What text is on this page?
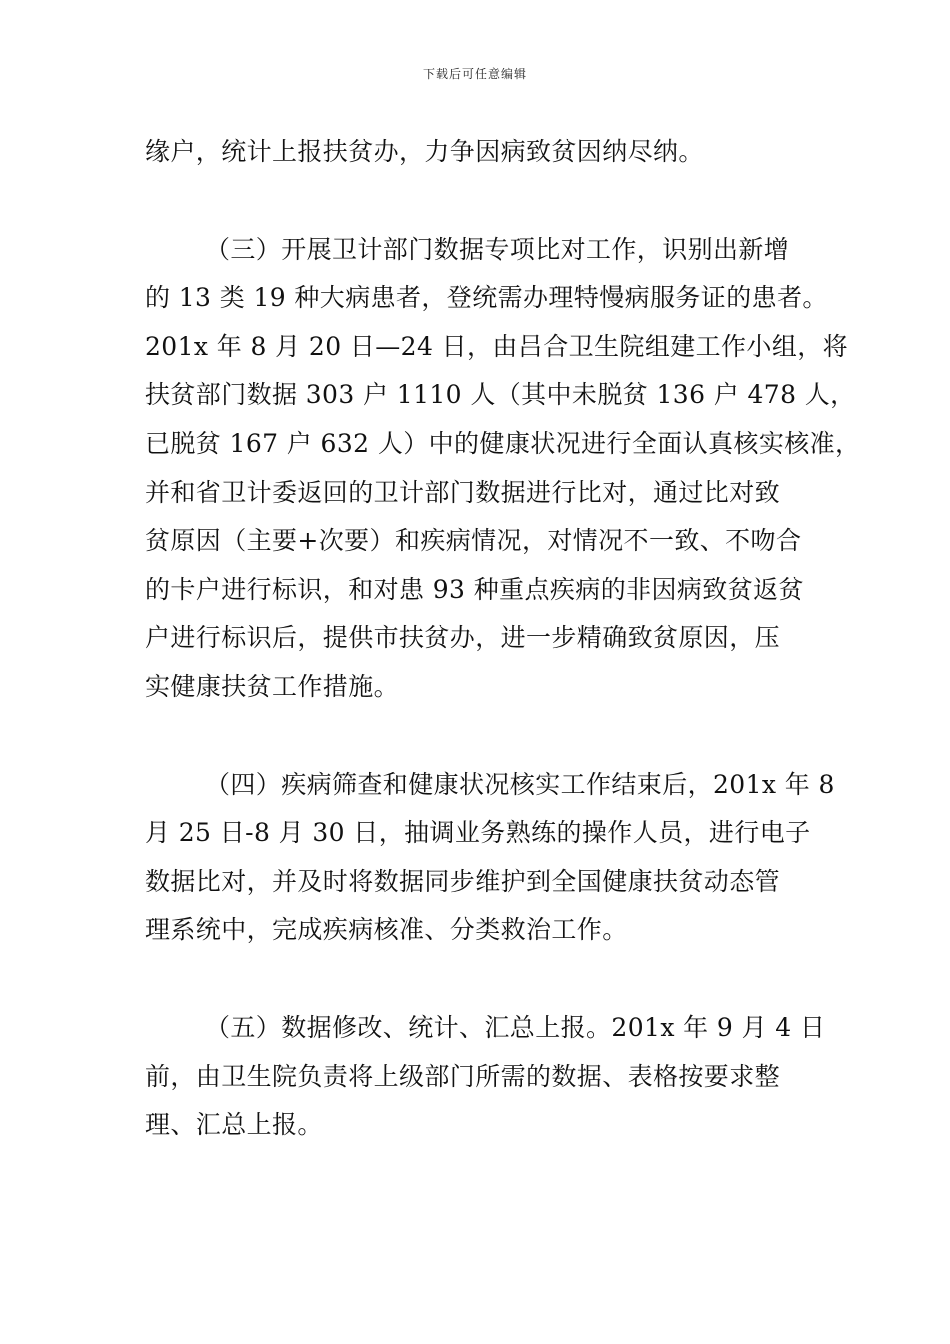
下载后可任意编辑
缘户，统计上报扶贫办，力争因病致贫因纳尽纳。
（三）开展卫计部门数据专项比对工作，识别出新增
的 13 类 19 种大病患者，登统需办理特慢病服务证的患者。
201x 年 8 月 20 日—24 日，由吕合卫生院组建工作小组，将
扶贫部门数据 303 户 1110 人（其中未脱贫 136 户 478 人，
已脱贫 167 户 632 人）中的健康状况进行全面认真核实核准，
并和省卫计委返回的卫计部门数据进行比对，通过比对致
贫原因（主要+次要）和疾病情况，对情况不一致、不吻合
的卡户进行标识，和对患 93 种重点疾病的非因病致贫返贫
户进行标识后，提供市扶贫办，进一步精确致贫原因，压
实健康扶贫工作措施。
（四）疾病筛查和健康状况核实工作结束后，201x 年 8
月 25 日-8 月 30 日，抽调业务熟练的操作人员，进行电子
数据比对，并及时将数据同步维护到全国健康扶贫动态管
理系统中，完成疾病核准、分类救治工作。
（五）数据修改、统计、汇总上报。201x 年 9 月 4 日
前，由卫生院负责将上级部门所需的数据、表格按要求整
理、汇总上报。
